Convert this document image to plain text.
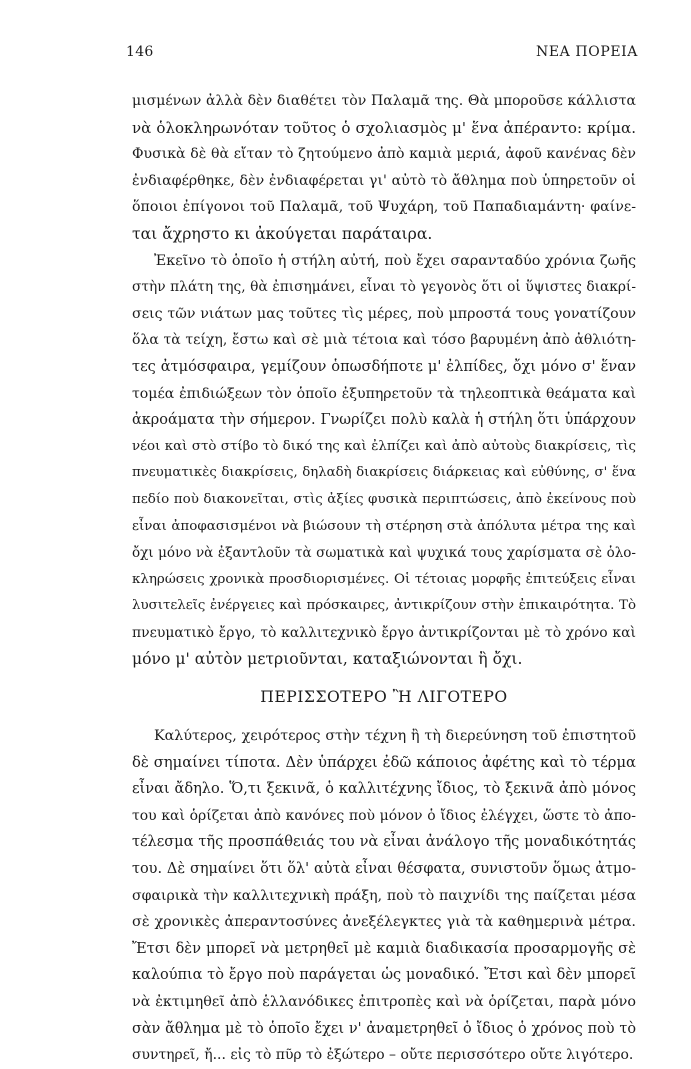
146	ΝΕΑ ΠΟΡΕΙΑ
μισμένων ἀλλὰ δὲν διαθέτει τὸν Παλαμᾶ της. Θὰ μποροῦσε κάλλιστα
νὰ ὁλοκληρωνόταν τοῦτος ὁ σχολιασμὸς μ' ἕνα ἀπέραντο: κρίμα.
Φυσικὰ δὲ θὰ εἴταν τὸ ζητούμενο ἀπὸ καμιὰ μεριά, ἀφοῦ κανένας δὲν
ἐνδιαφέρθηκε, δὲν ἐνδιαφέρεται γι' αὐτὸ τὸ ἄθλημα ποὺ ὑπηρετοῦν οἱ
ὅποιοι ἐπίγονοι τοῦ Παλαμᾶ, τοῦ Ψυχάρη, τοῦ Παπαδιαμάντη· φαίνε-
ται ἄχρηστο κι ἀκούγεται παράταιρα.
Ἐκεῖνο τὸ ὁποῖο ἡ στήλη αὐτή, ποὺ ἔχει σαρανταδύο χρόνια ζωῆς
στὴν πλάτη της, θὰ ἐπισημάνει, εἶναι τὸ γεγονὸς ὅτι οἱ ὕψιστες διακρί-
σεις τῶν νιάτων μας τοῦτες τὶς μέρες, ποὺ μπροστά τους γονατίζουν
ὅλα τὰ τείχη, ἔστω καὶ σὲ μιὰ τέτοια καὶ τόσο βαρυμένη ἀπὸ ἀθλιότη-
τες ἀτμόσφαιρα, γεμίζουν ὁπωσδήποτε μ' ἐλπίδες, ὄχι μόνο σ' ἕναν
τομέα ἐπιδιώξεων τὸν ὁποῖο ἐξυπηρετοῦν τὰ τηλεοπτικὰ θεάματα καὶ
ἀκροάματα τὴν σήμερον. Γνωρίζει πολὺ καλὰ ἡ στήλη ὅτι ὑπάρχουν
νέοι καὶ στὸ στίβο τὸ δικό της καὶ ἐλπίζει καὶ ἀπὸ αὐτοὺς διακρίσεις, τὶς
πνευματικὲς διακρίσεις, δηλαδὴ διακρίσεις διάρκειας καὶ εὐθύνης, σ' ἕνα
πεδίο ποὺ διακονεῖται, στὶς ἀξίες φυσικὰ περιπτώσεις, ἀπὸ ἐκείνους ποὺ
εἶναι ἀποφασισμένοι νὰ βιώσουν τὴ στέρηση στὰ ἀπόλυτα μέτρα της καὶ
ὄχι μόνο νὰ ἐξαντλοῦν τὰ σωματικὰ καὶ ψυχικά τους χαρίσματα σὲ ὁλο-
κληρώσεις χρονικὰ προσδιορισμένες. Οἱ τέτοιας μορφῆς ἐπιτεύξεις εἶναι
λυσιτελεῖς ἐνέργειες καὶ πρόσκαιρες, ἀντικρίζουν στὴν ἐπικαιρότητα. Τὸ
πνευματικὸ ἔργο, τὸ καλλιτεχνικὸ ἔργο ἀντικρίζονται μὲ τὸ χρόνο καὶ
μόνο μ' αὐτὸν μετριοῦνται, καταξιώνονται ἢ ὄχι.
ΠΕΡΙΣΣΟΤΕΡΟ Ἢ ΛΙΓΟΤΕΡΟ
Καλύτερος, χειρότερος στὴν τέχνη ἢ τὴ διερεύνηση τοῦ ἐπιστητοῦ
δὲ σημαίνει τίποτα. Δὲν ὑπάρχει ἐδῶ κάποιος ἀφέτης καὶ τὸ τέρμα
εἶναι ἄδηλο. Ὅ,τι ξεκινᾶ, ὁ καλλιτέχνης ἴδιος, τὸ ξεκινᾶ ἀπὸ μόνος
του καὶ ὁρίζεται ἀπὸ κανόνες ποὺ μόνον ὁ ἴδιος ἐλέγχει, ὥστε τὸ ἀπο-
τέλεσμα τῆς προσπάθειάς του νὰ εἶναι ἀνάλογο τῆς μοναδικότητάς
του. Δὲ σημαίνει ὅτι ὅλ' αὐτὰ εἶναι θέσφατα, συνιστοῦν ὅμως ἀτμο-
σφαιρικὰ τὴν καλλιτεχνικὴ πράξη, ποὺ τὸ παιχνίδι της παίζεται μέσα
σὲ χρονικὲς ἀπεραντοσύνες ἀνεξέλεγκτες γιὰ τὰ καθημερινὰ μέτρα.
Ἔτσι δὲν μπορεῖ νὰ μετρηθεῖ μὲ καμιὰ διαδικασία προσαρμογῆς σὲ
καλούπια τὸ ἔργο ποὺ παράγεται ὡς μοναδικό. Ἔτσι καὶ δὲν μπορεῖ
νὰ ἐκτιμηθεῖ ἀπὸ ἑλλανόδικες ἐπιτροπὲς καὶ νὰ ὁρίζεται, παρὰ μόνο
σὰν ἄθλημα μὲ τὸ ὁποῖο ἔχει ν' ἀναμετρηθεῖ ὁ ἴδιος ὁ χρόνος ποὺ τὸ
συντηρεῖ, ἤ... εἰς τὸ πῦρ τὸ ἐξώτερο – οὔτε περισσότερο οὔτε λιγότερο.
